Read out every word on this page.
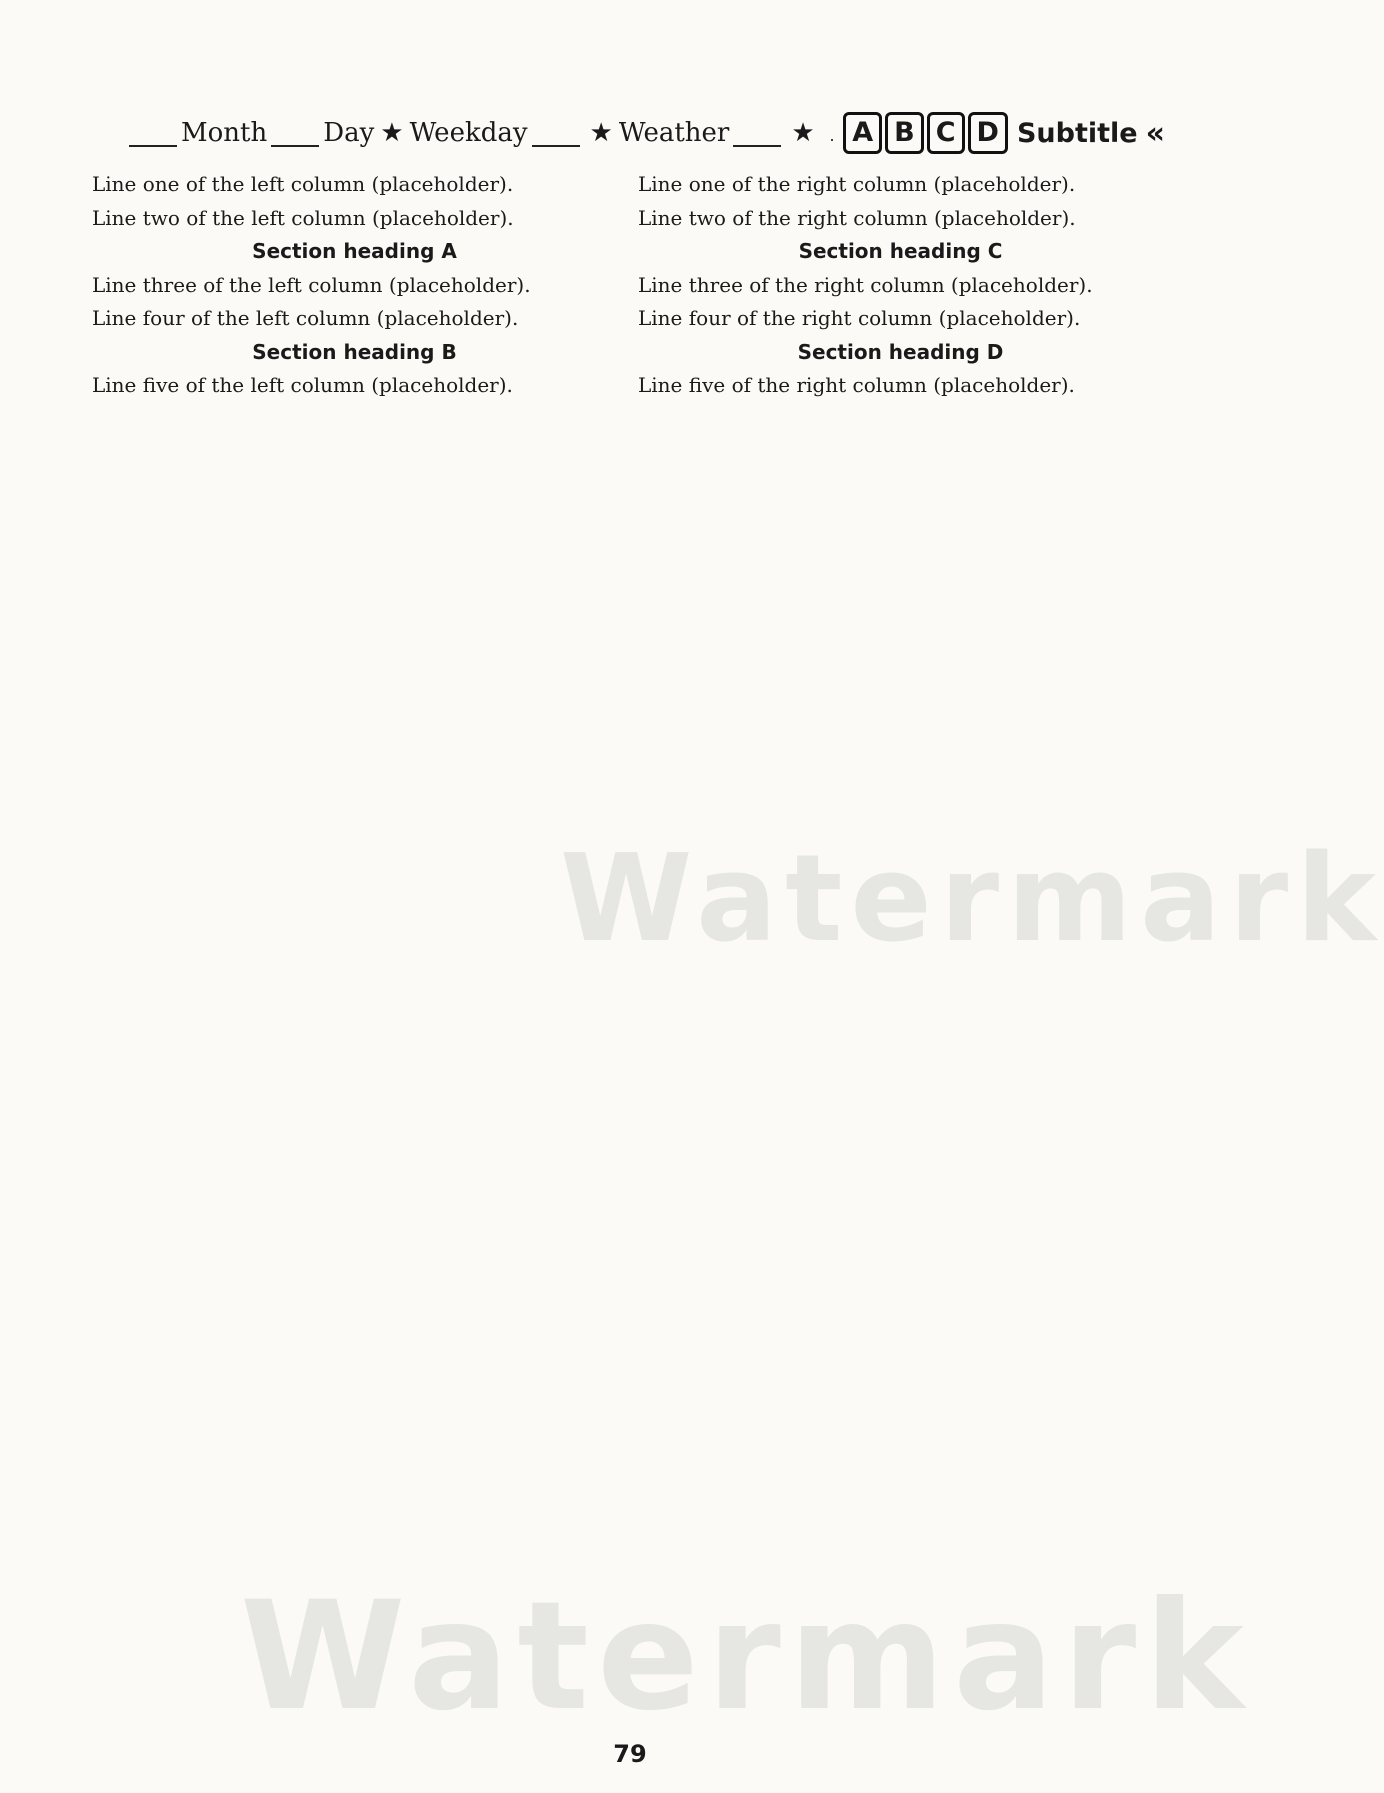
Month Day ★ Weekday ★ Weather ★	A B C D Subtitle «
Line one of the left column (placeholder).
Line two of the left column (placeholder).
Section heading A
Line three of the left column (placeholder).
Line four of the left column (placeholder).
Section heading B
Line five of the left column (placeholder).
Line one of the right column (placeholder).
Line two of the right column (placeholder).
Section heading C
Line three of the right column (placeholder).
Line four of the right column (placeholder).
Section heading D
Line five of the right column (placeholder).
Watermark
Watermark
79
